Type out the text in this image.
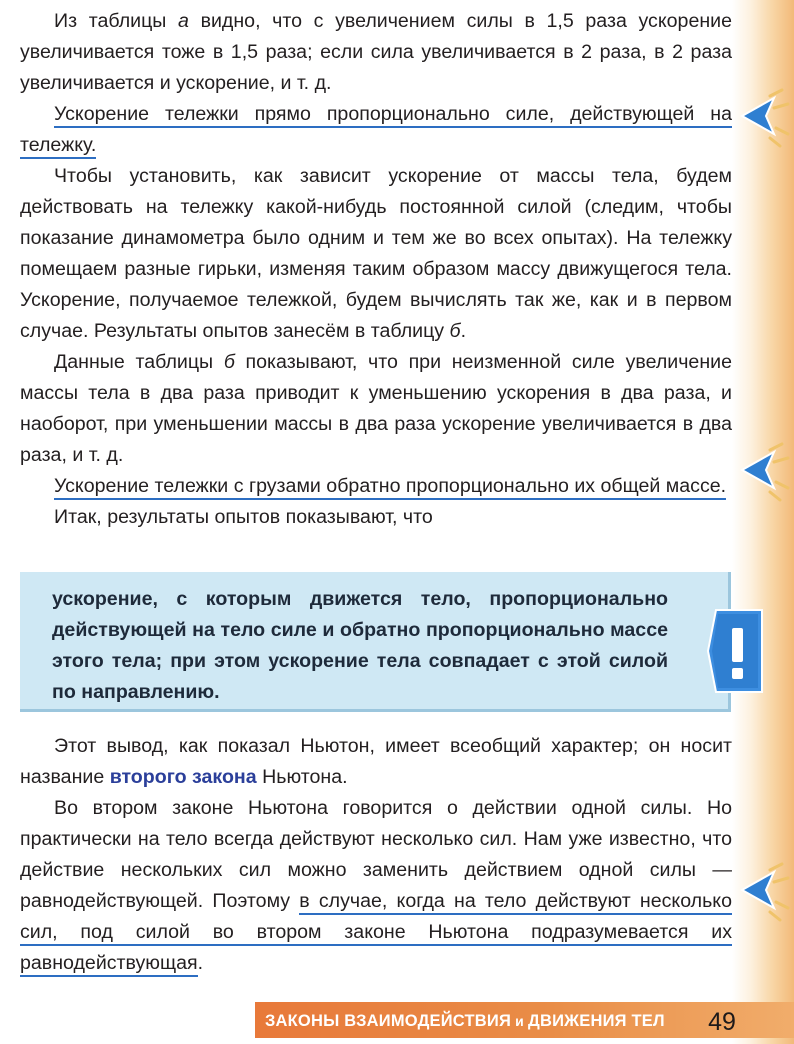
Из таблицы а видно, что с увеличением силы в 1,5 раза ускорение увеличивается тоже в 1,5 раза; если сила увеличивается в 2 раза, в 2 раза увеличивается и ускорение, и т. д.

Ускорение тележки прямо пропорционально силе, действующей на тележку.

Чтобы установить, как зависит ускорение от массы тела, будем действовать на тележку какой-нибудь постоянной силой (следим, чтобы показание динамометра было одним и тем же во всех опытах). На тележку помещаем разные гирьки, изменяя таким образом массу движущегося тела. Ускорение, получаемое тележкой, будем вычислять так же, как и в первом случае. Результаты опытов занесём в таблицу б.

Данные таблицы б показывают, что при неизменной силе увеличение массы тела в два раза приводит к уменьшению ускорения в два раза, и наоборот, при уменьшении массы в два раза ускорение увеличивается в два раза, и т. д.

Ускорение тележки с грузами обратно пропорционально их общей массе.

Итак, результаты опытов показывают, что

ускорение, с которым движется тело, пропорционально действующей на тело силе и обратно пропорционально массе этого тела; при этом ускорение тела совпадает с этой силой по направлению.

Этот вывод, как показал Ньютон, имеет всеобщий характер; он носит название второго закона Ньютона.

Во втором законе Ньютона говорится о действии одной силы. Но практически на тело всегда действуют несколько сил. Нам уже известно, что действие нескольких сил можно заменить действием одной силы — равнодействующей. Поэтому в случае, когда на тело действуют несколько сил, под силой во втором законе Ньютона подразумевается их равнодействующая.

ЗАКОНЫ ВЗАИМОДЕЙСТВИЯ и ДВИЖЕНИЯ ТЕЛ	49
